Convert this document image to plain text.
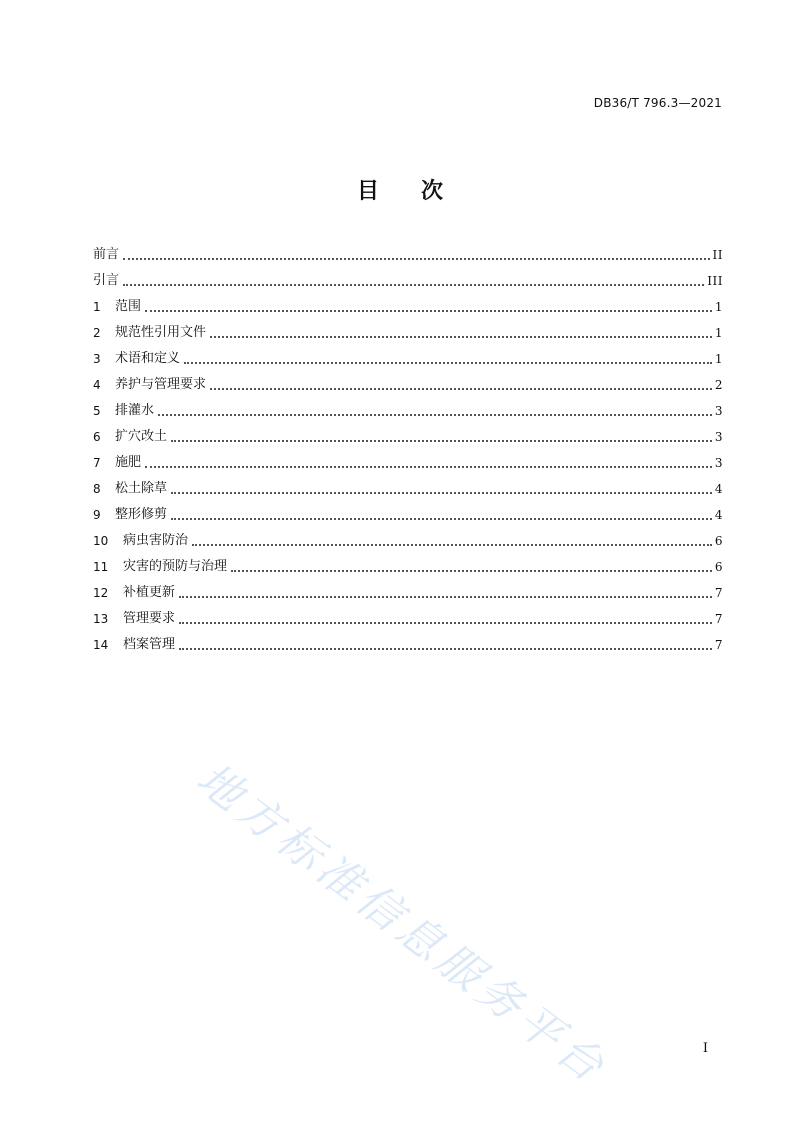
DB36/T 796.3—2021
目 次
前言	II
引言	III
1	范围	1
2	规范性引用文件	1
3	术语和定义	1
4	养护与管理要求	2
5	排灌水	3
6	扩穴改土	3
7	施肥	3
8	松土除草	4
9	整形修剪	4
10	病虫害防治	6
11	灾害的预防与治理	6
12	补植更新	7
13	管理要求	7
14	档案管理	7
地方标准信息服务平台	I
